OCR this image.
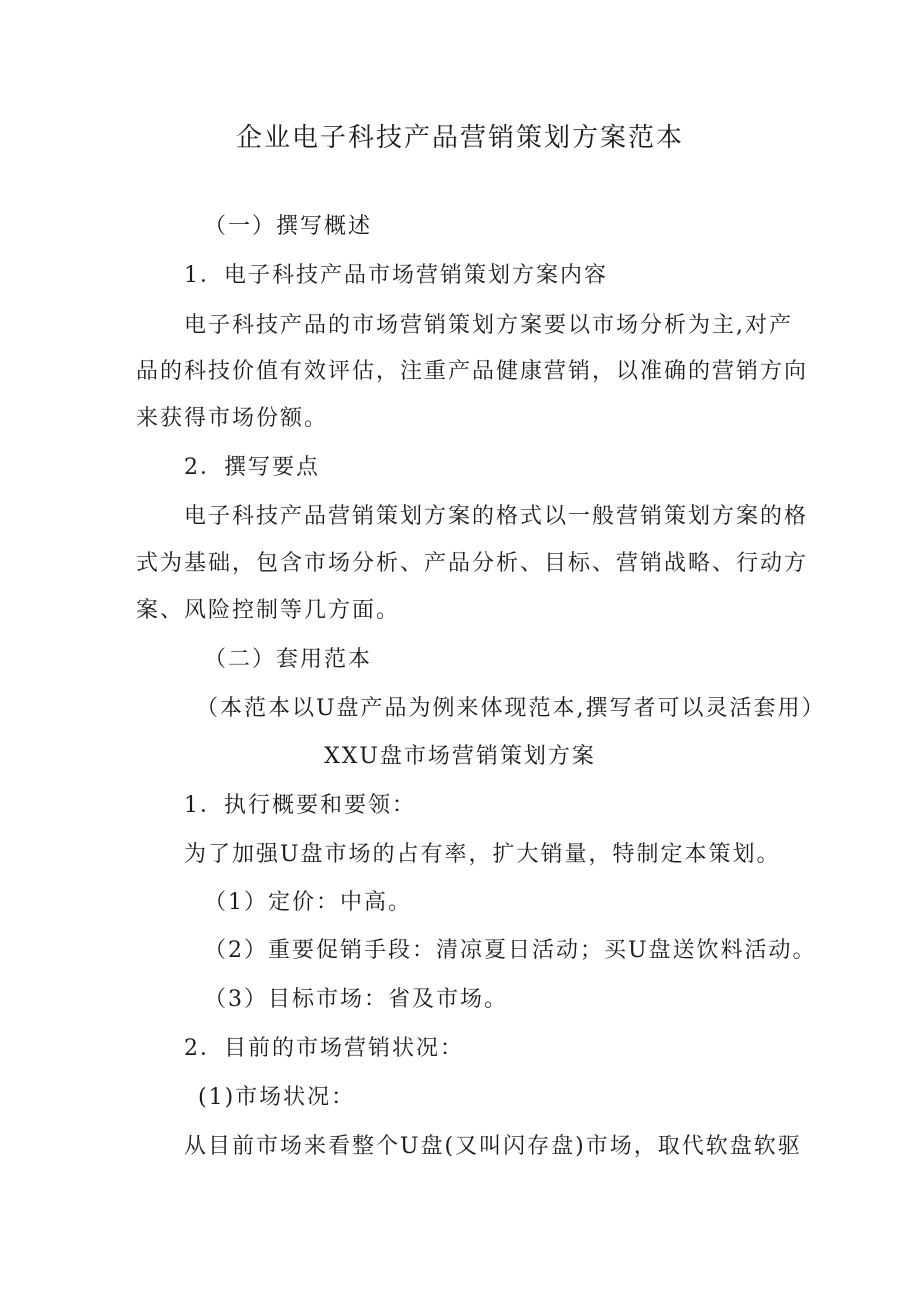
企业电子科技产品营销策划方案范本
（一）撰写概述
1．电子科技产品市场营销策划方案内容
电子科技产品的市场营销策划方案要以市场分析为主,对产
品的科技价值有效评估，注重产品健康营销，以准确的营销方向
来获得市场份额。
2．撰写要点
电子科技产品营销策划方案的格式以一般营销策划方案的格
式为基础，包含市场分析、产品分析、目标、营销战略、行动方
案、风险控制等几方面。
（二）套用范本
（本范本以U盘产品为例来体现范本,撰写者可以灵活套用）
XXU盘市场营销策划方案
1．执行概要和要领：
为了加强U盘市场的占有率，扩大销量，特制定本策划。
（1）定价：中高。
（2）重要促销手段：清凉夏日活动；买U盘送饮料活动。
（3）目标市场：省及市场。
2．目前的市场营销状况：
(1)市场状况：
从目前市场来看整个U盘(又叫闪存盘)市场，取代软盘软驱
